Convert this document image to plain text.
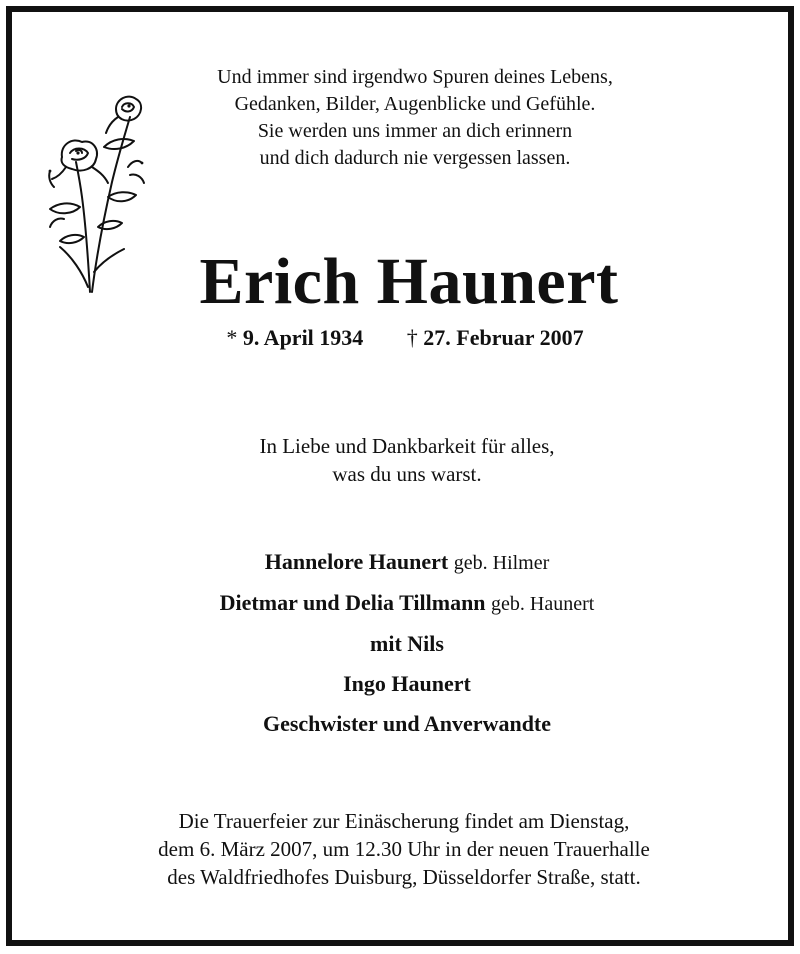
Und immer sind irgendwo Spuren deines Lebens,
Gedanken, Bilder, Augenblicke und Gefühle.
Sie werden uns immer an dich erinnern
und dich dadurch nie vergessen lassen.
Erich Haunert
* 9. April 1934 † 27. Februar 2007
In Liebe und Dankbarkeit für alles,
was du uns warst.
Hannelore Haunert geb. Hilmer
Dietmar und Delia Tillmann geb. Haunert
mit Nils
Ingo Haunert
Geschwister und Anverwandte
Die Trauerfeier zur Einäscherung findet am Dienstag,
dem 6. März 2007, um 12.30 Uhr in der neuen Trauerhalle
des Waldfriedhofes Duisburg, Düsseldorfer Straße, statt.
